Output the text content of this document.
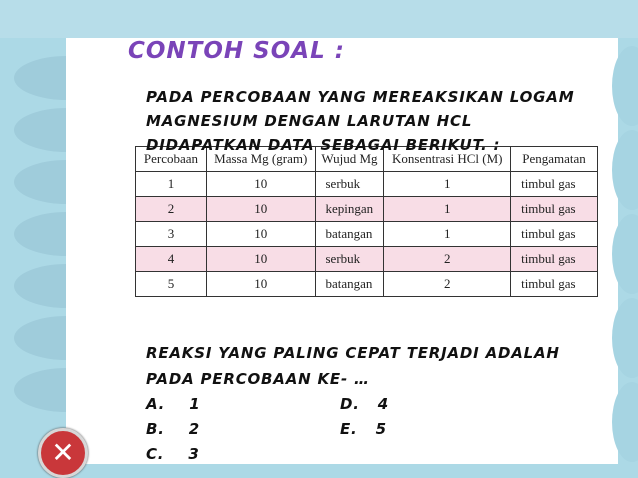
CONTOH SOAL :
PADA PERCOBAAN YANG MEREAKSIKAN LOGAM
MAGNESIUM DENGAN LARUTAN HCL
Percobaan	Massa Mg (gram)	Wujud Mg	Konsentrasi HCl (M)	Pengamatan
1	10	serbuk	1	timbul gas
2	10	kepingan	1	timbul gas
3	10	batangan	1	timbul gas
4	10	serbuk	2	timbul gas
5	10	batangan	2	timbul gas
DIDAPATKAN DATA SEBAGAI BERIKUT. :
REAKSI YANG PALING CEPAT TERJADI ADALAH
PADA PERCOBAAN KE- …
A. 1
B. 2
C. 3
D. 4
E. 5
✕
